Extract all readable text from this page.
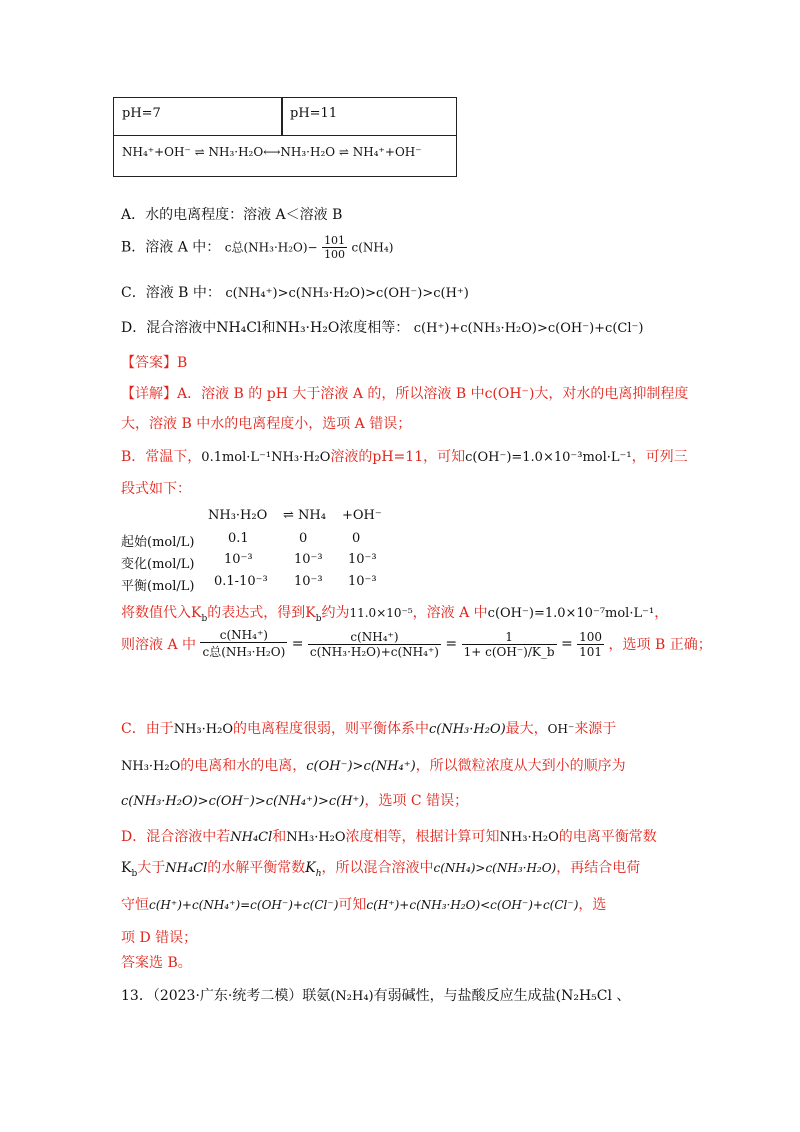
pH=7	pH=11
NH₄⁺+OH⁻ ⇌ NH₃·H₂O⟷NH₃·H₂O ⇌ NH₄⁺+OH⁻
A．水的电离程度：溶液 A＜溶液 B
B．溶液 A 中： c总$(NH_3\cdot H_2O)- \frac{101}{100} c(NH_4)$
C．溶液 B 中： c(NH₄⁺)>c(NH₃·H₂O)>c(OH⁻)>c(H⁺)
D．混合溶液中NH₄Cl和NH₃·H₂O浓度相等： c(H⁺)+c(NH₃·H₂O)>c(OH⁻)+c(Cl⁻)
【答案】B
【详解】A．溶液 B 的 pH 大于溶液 A 的，所以溶液 B 中c(OH⁻)大，对水的电离抑制程度
大，溶液 B 中水的电离程度小，选项 A 错误；
B．常温下，0.1mol·L⁻¹NH₃·H₂O溶液的pH=11，可知c(OH⁻)=1.0×10⁻³mol·L⁻¹，可列三
段式如下：
NH₃·H₂O ⇌ NH₄ +OH⁻
起始(mol/L)	0.1	0	0
变化(mol/L) 10⁻³	10⁻³ 10⁻³
平衡(mol/L) 0.1-10⁻³ 10⁻³ 10⁻³
将数值代入$K_b$的表达式，得到$K_b$约为11.0×10⁻⁵，溶液 A 中c(OH⁻)=1.0×10⁻⁷mol·L⁻¹，
则溶液 A 中 $\frac{\text{c(NH₄⁺)}}{\text{c总(NH₃·H₂O)}} = \frac{\text{c(NH₄⁺)}}{\text{c(NH₃·H₂O)+c(NH₄⁺)}} = \frac{1}{1+ c(OH^-)/K\_b} = \frac{100}{101}$ ，选项 B 正确；
C．由于NH₃·H₂O的电离程度很弱，则平衡体系中c(NH₃·H₂O)最大，OH⁻来源于
NH₃·H₂O的电离和水的电离，c(OH⁻)>c(NH₄⁺)，所以微粒浓度从大到小的顺序为
c(NH₃·H₂O)>c(OH⁻)>c(NH₄⁺)>c(H⁺)，选项 C 错误；
D．混合溶液中若NH₄Cl和NH₃·H₂O浓度相等，根据计算可知NH₃·H₂O的电离平衡常数
$K_b$大于NH₄Cl的水解平衡常数$K_h$，所以混合溶液中c(NH₄)>c(NH₃·H₂O)，再结合电荷
守恒c(H⁺)+c(NH₄⁺)=c(OH⁻)+c(Cl⁻)可知c(H⁺)+c(NH₃·H₂O)<c(OH⁻)+c(Cl⁻)，选
项 D 错误；
答案选 B。
13．（2023·广东·统考二模）联氨(N₂H₄)有弱碱性，与盐酸反应生成盐(N₂H₅Cl 、
